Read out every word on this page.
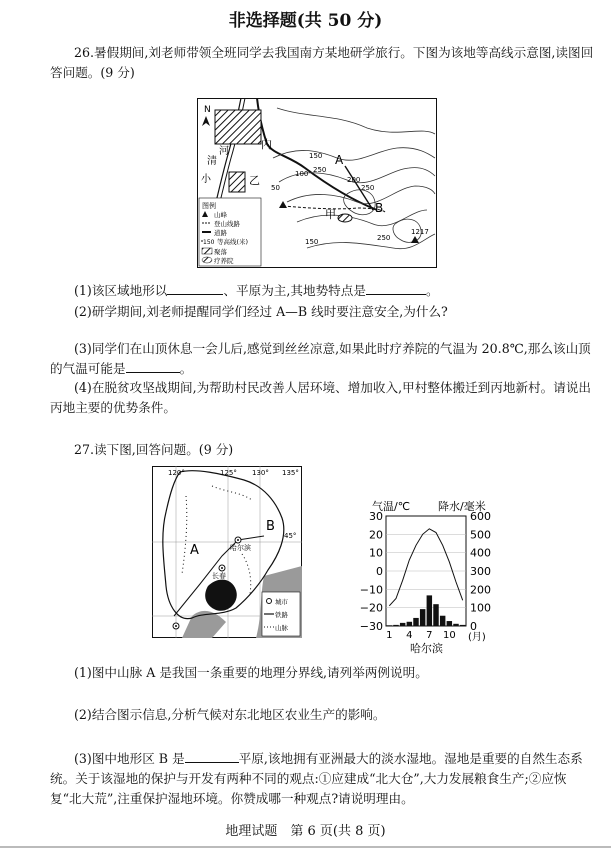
非选择题(共 50 分)
26.暑假期间,刘老师带领全班同学去我国南方某地研学旅行。下图为该地等高线示意图,读图回答问题。(9 分)
N
内
乙
甲
清
河
小
A
B
50
100
150
200
250
150
250
250
1217
图例
山峰
登山线路
道路
150 等高线(米)
聚落
疗养院
(1)该区域地形以	、平原为主,其地势特点是	。
(2)研学期间,刘老师提醒同学们经过 A—B 线时要注意安全,为什么?
(3)同学们在山顶休息一会儿后,感觉到丝丝凉意,如果此时疗养院的气温为 20.8℃,那么该山顶的气温可能是	。
(4)在脱贫攻坚战期间,为帮助村民改善人居环境、增加收入,甲村整体搬迁到丙地新村。请说出丙地主要的优势条件。
27.读下图,回答问题。(9 分)
120°	125° 130° 135°
45°
A
B
哈尔滨
长春
城市
铁路
山脉
气温/℃	降水/毫米
30
20
10
0
−10
−20
−30
600
500
400
300
200
100
0
1 4 7 10 (月)
哈尔滨
(1)图中山脉 A 是我国一条重要的地理分界线,请列举两例说明。
(2)结合图示信息,分析气候对东北地区农业生产的影响。
(3)图中地形区 B 是	平原,该地拥有亚洲最大的淡水湿地。湿地是重要的自然生态系统。关于该湿地的保护与开发有两种不同的观点:①应建成“北大仓”,大力发展粮食生产;②应恢复“北大荒”,注重保护湿地环境。你赞成哪一种观点?请说明理由。
地理试题　第 6 页(共 8 页)
